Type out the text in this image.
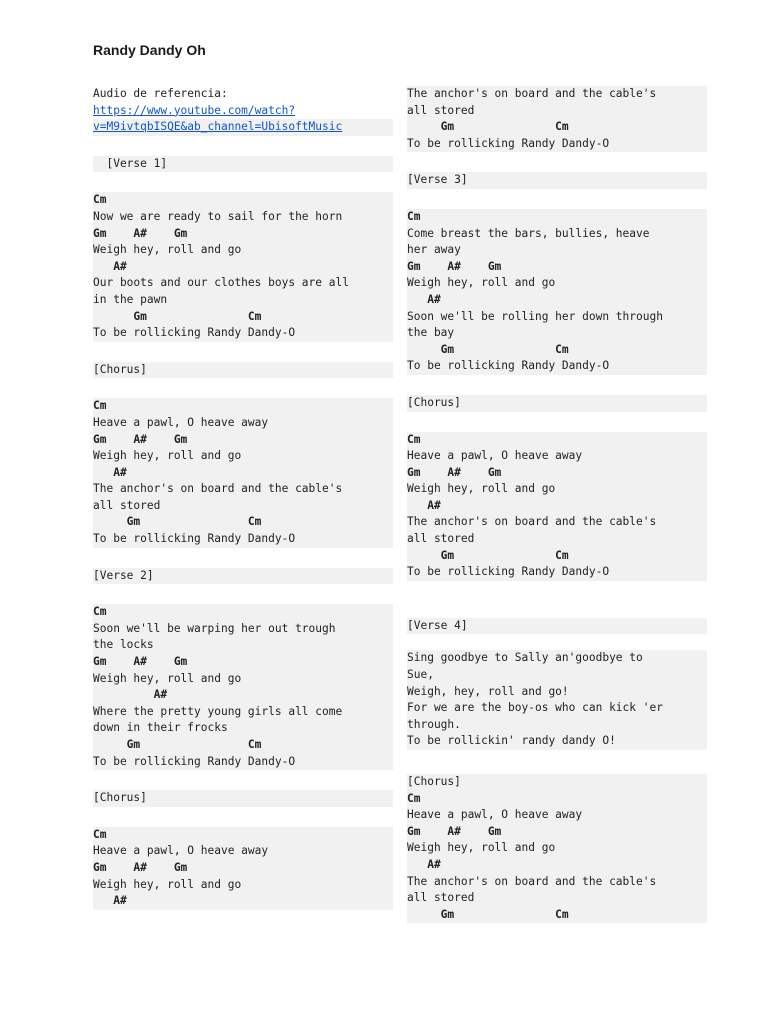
Randy Dandy Oh
Audio de referencia:
https://www.youtube.com/watch?
v=M9ivtqbISQE&ab_channel=UbisoftMusic
[Verse 1]
Cm
Now we are ready to sail for the horn
Gm    A#    Gm
Weigh hey, roll and go
A#
Our boots and our clothes boys are all
in the pawn
Gm               Cm
To be rollicking Randy Dandy-O
[Chorus]
Cm
Heave a pawl, O heave away
Gm    A#    Gm
Weigh hey, roll and go
A#
The anchor's on board and the cable's
all stored
Gm                Cm
To be rollicking Randy Dandy-O
[Verse 2]
Cm
Soon we'll be warping her out trough
the locks
Gm    A#    Gm
Weigh hey, roll and go
A#
Where the pretty young girls all come
down in their frocks
Gm                Cm
To be rollicking Randy Dandy-O
[Chorus]
Cm
Heave a pawl, O heave away
Gm    A#    Gm
Weigh hey, roll and go
A#
The anchor's on board and the cable's
all stored
Gm               Cm
To be rollicking Randy Dandy-O
[Verse 3]
Cm
Come breast the bars, bullies, heave
her away
Gm    A#    Gm
Weigh hey, roll and go
A#
Soon we'll be rolling her down through
the bay
Gm               Cm
To be rollicking Randy Dandy-O
[Chorus]
Cm
Heave a pawl, O heave away
Gm    A#    Gm
Weigh hey, roll and go
A#
The anchor's on board and the cable's
all stored
Gm               Cm
To be rollicking Randy Dandy-O
[Verse 4]
Sing goodbye to Sally an'goodbye to
Sue,
Weigh, hey, roll and go!
For we are the boy-os who can kick 'er
through.
To be rollickin' randy dandy O!
[Chorus]
Cm
Heave a pawl, O heave away
Gm    A#    Gm
Weigh hey, roll and go
A#
The anchor's on board and the cable's
all stored
Gm               Cm
